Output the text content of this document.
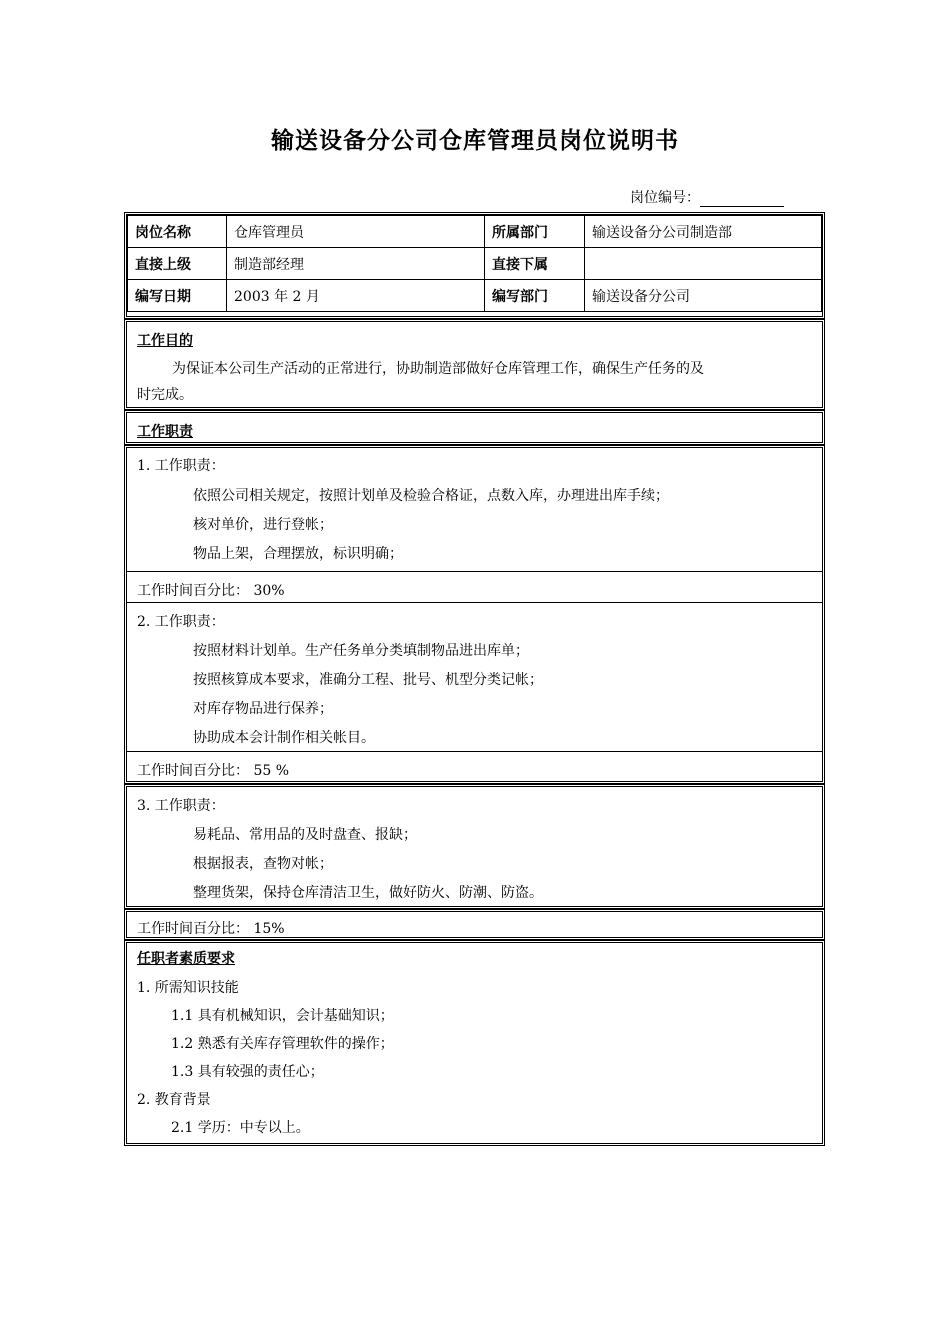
输送设备分公司仓库管理员岗位说明书
岗位编号：
岗位名称	仓库管理员	所属部门	输送设备分公司制造部
直接上级	制造部经理	直接下属	
编写日期	2003 年 2 月	编写部门	输送设备分公司
工作目的
为保证本公司生产活动的正常进行，协助制造部做好仓库管理工作，确保生产任务的及
时完成。
工作职责
1. 工作职责：
依照公司相关规定，按照计划单及检验合格证，点数入库，办理进出库手续；
核对单价，进行登帐；
物品上架，合理摆放，标识明确；
工作时间百分比： 30%
2. 工作职责：
按照材料计划单。生产任务单分类填制物品进出库单；
按照核算成本要求，准确分工程、批号、机型分类记帐；
对库存物品进行保养；
协助成本会计制作相关帐目。
工作时间百分比： 55 %
3. 工作职责：
易耗品、常用品的及时盘查、报缺；
根据报表，查物对帐；
整理货架，保持仓库清洁卫生，做好防火、防潮、防盗。
工作时间百分比： 15%
任职者素质要求
1. 所需知识技能
1.1 具有机械知识，会计基础知识；
1.2 熟悉有关库存管理软件的操作；
1.3 具有较强的责任心；
2. 教育背景
2.1 学历：中专以上。
